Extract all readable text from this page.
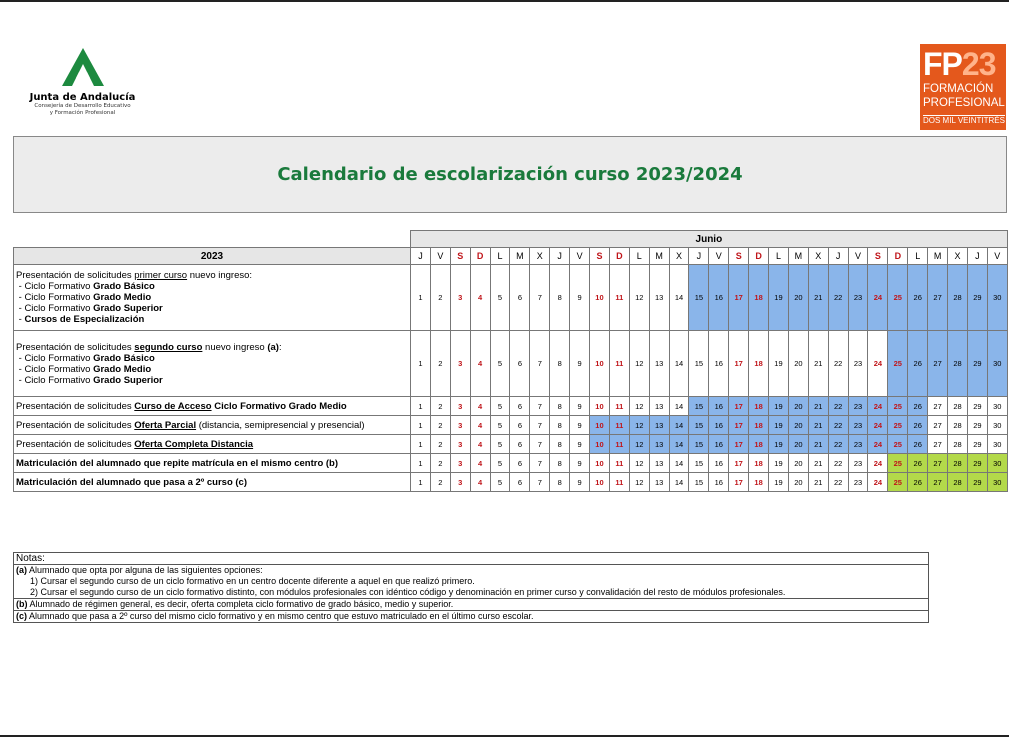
Junta de Andalucía
Consejería de Desarrollo Educativo
y Formación Profesional
FP23
FORMACIÓN
PROFESIONAL
DOS MIL VEINTITRÉS
Calendario de escolarización curso 2023/2024
	Junio																													
2023	J	V	S	D	L	M	X	J	V	S	D	L	M	X	J	V	S	D	L	M	X	J	V	S	D	L	M	X	J	V
Presentación de solicitudes primer curso nuevo ingreso:
- Ciclo Formativo Grado Básico
- Ciclo Formativo Grado Medio
- Ciclo Formativo Grado Superior
- Cursos de Especialización	1	2	3	4	5	6	7	8	9	10	11	12	13	14	15	16	17	18	19	20	21	22	23	24	25	26	27	28	29	30
Presentación de solicitudes segundo curso nuevo ingreso (a):
- Ciclo Formativo Grado Básico
- Ciclo Formativo Grado Medio
- Ciclo Formativo Grado Superior	1	2	3	4	5	6	7	8	9	10	11	12	13	14	15	16	17	18	19	20	21	22	23	24	25	26	27	28	29	30
Presentación de solicitudes Curso de Acceso Ciclo Formativo Grado Medio	1	2	3	4	5	6	7	8	9	10	11	12	13	14	15	16	17	18	19	20	21	22	23	24	25	26	27	28	29	30
Presentación de solicitudes Oferta Parcial (distancia, semipresencial y presencial)	1	2	3	4	5	6	7	8	9	10	11	12	13	14	15	16	17	18	19	20	21	22	23	24	25	26	27	28	29	30
Presentación de solicitudes Oferta Completa Distancia	1	2	3	4	5	6	7	8	9	10	11	12	13	14	15	16	17	18	19	20	21	22	23	24	25	26	27	28	29	30
Matriculación del alumnado que repite matrícula en el mismo centro (b)	1	2	3	4	5	6	7	8	9	10	11	12	13	14	15	16	17	18	19	20	21	22	23	24	25	26	27	28	29	30
Matriculación del alumnado que pasa a 2º curso (c)	1	2	3	4	5	6	7	8	9	10	11	12	13	14	15	16	17	18	19	20	21	22	23	24	25	26	27	28	29	30
Notas:
(a) Alumnado que opta por alguna de las siguientes opciones:
1) Cursar el segundo curso de un ciclo formativo en un centro docente diferente a aquel en que realizó primero.
2) Cursar el segundo curso de un ciclo formativo distinto, con módulos profesionales con idéntico código y denominación en primer curso y convalidación del resto de módulos profesionales.
(b) Alumnado de régimen general, es decir, oferta completa ciclo formativo de grado básico, medio y superior.
(c) Alumnado que pasa a 2º curso del mismo ciclo formativo y en mismo centro que estuvo matriculado en el último curso escolar.
